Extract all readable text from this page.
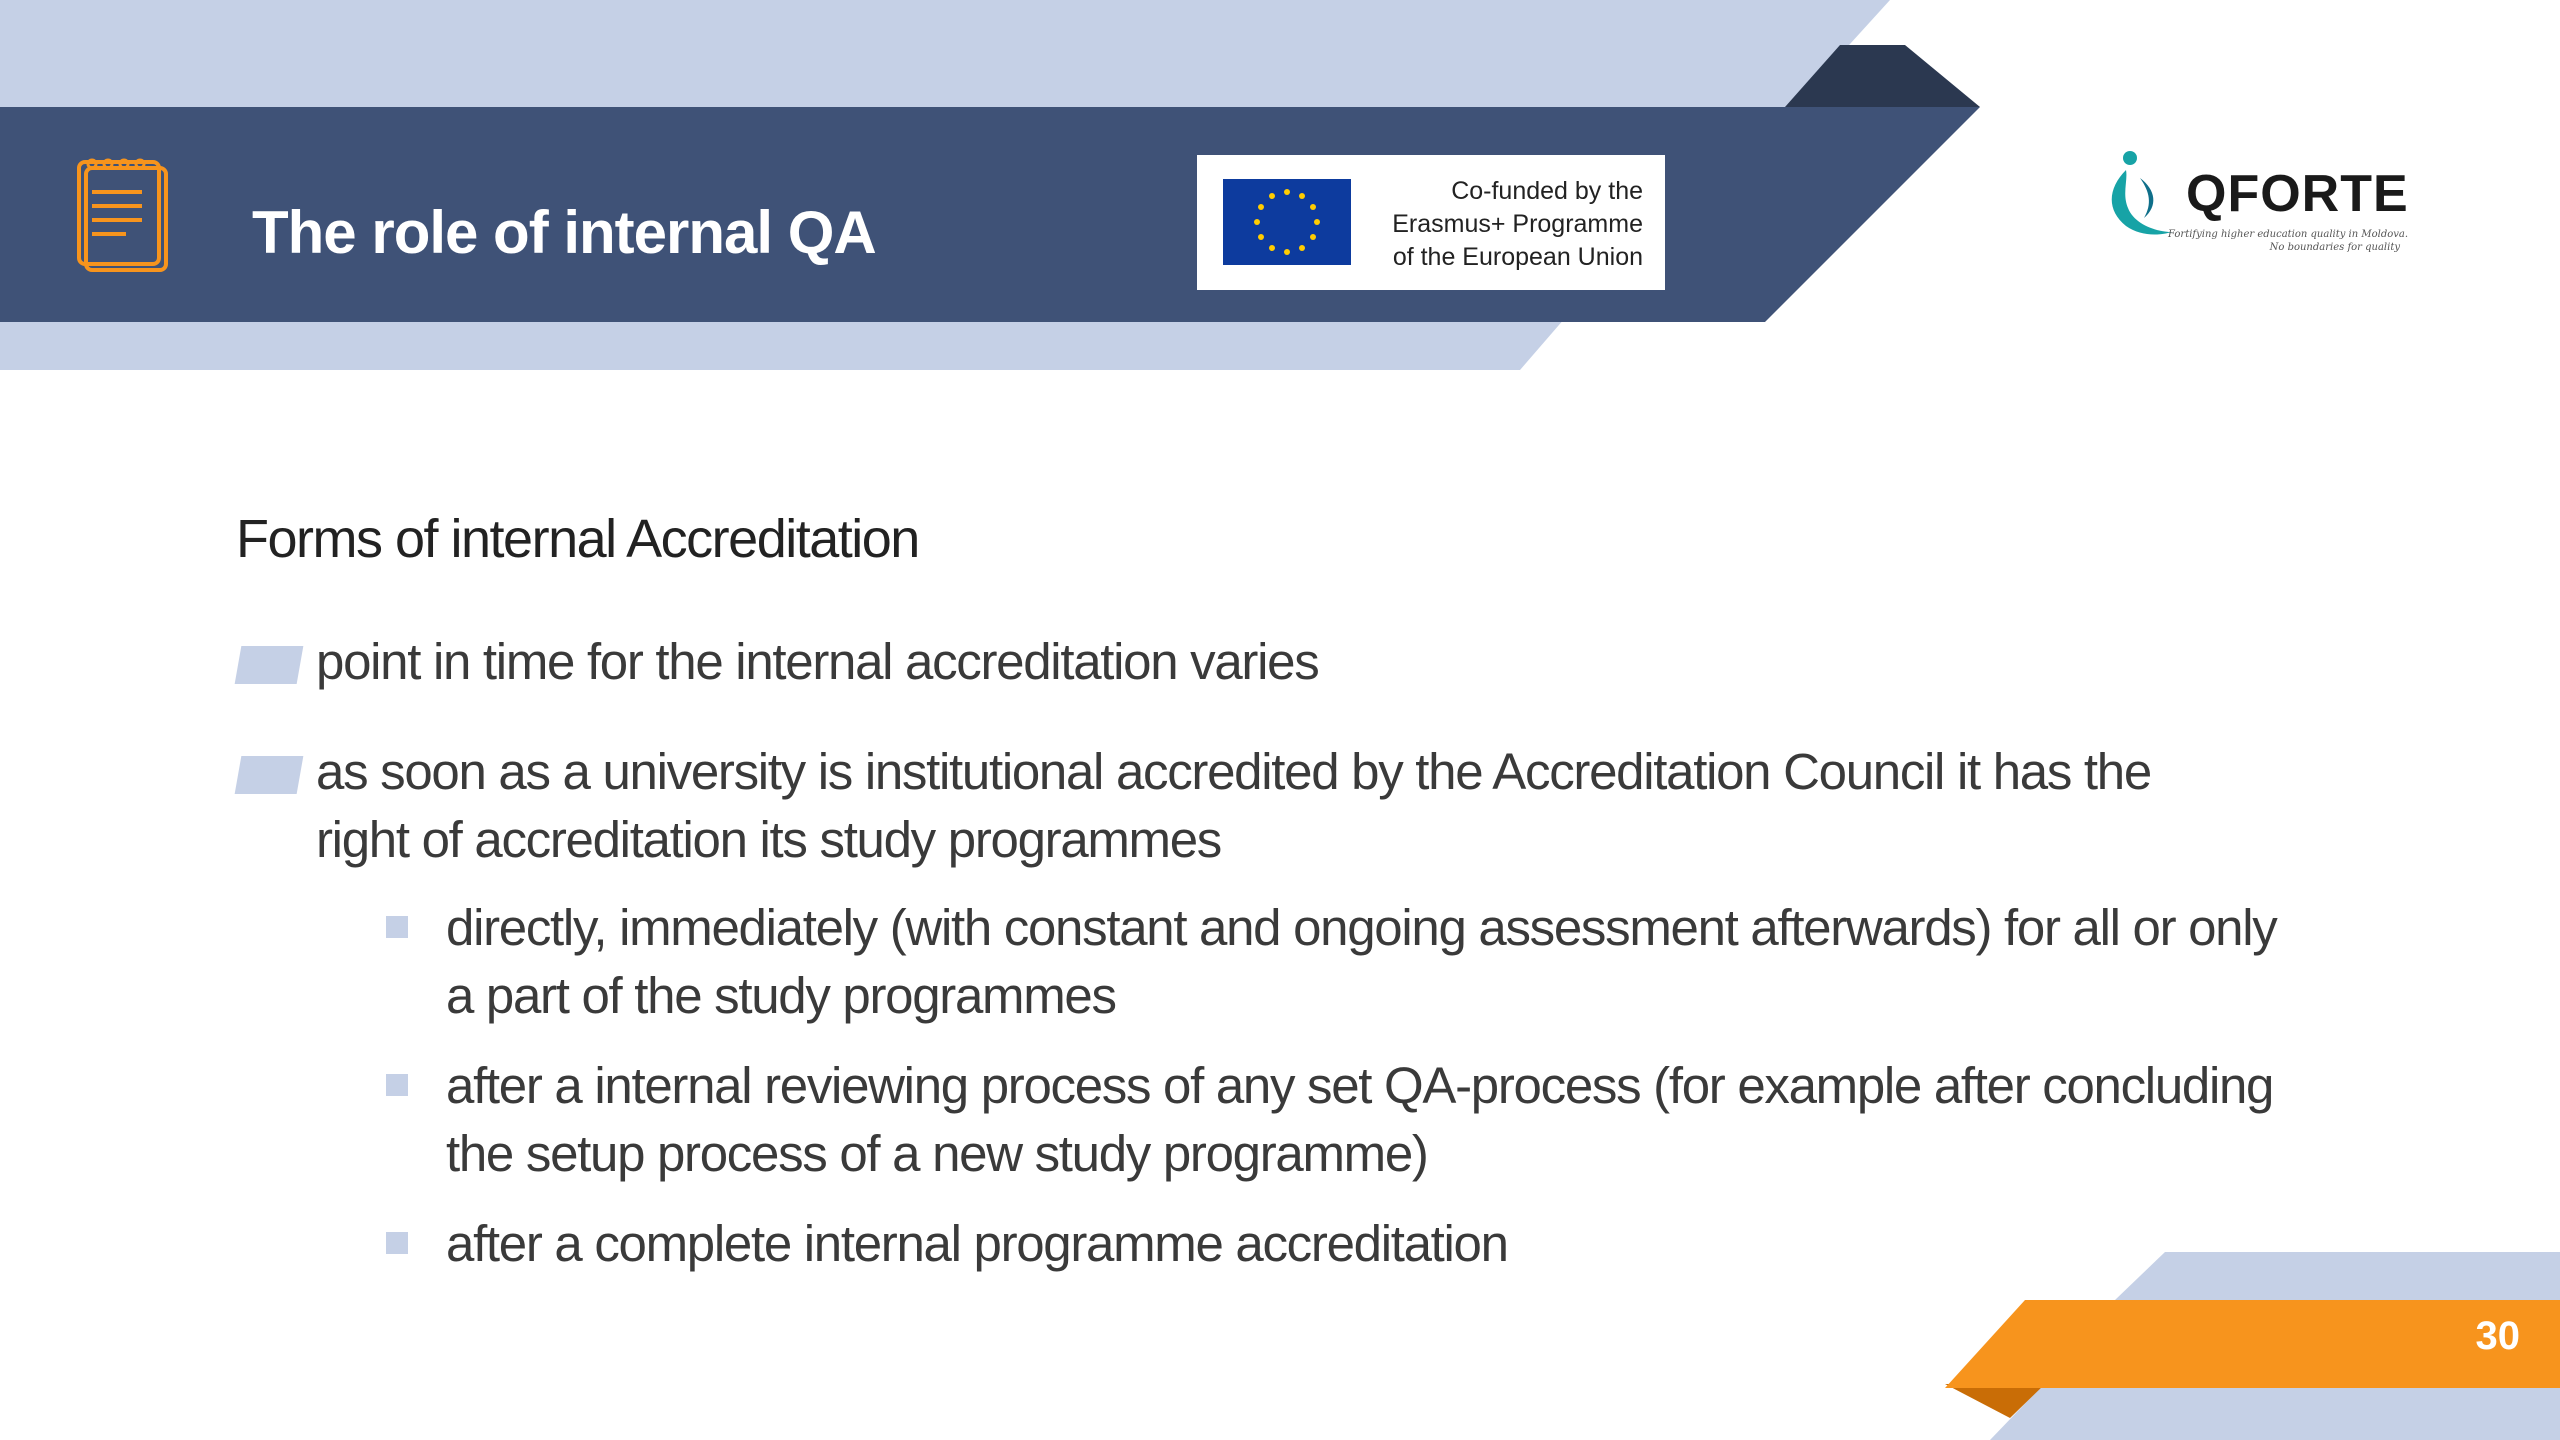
The role of internal QA
Co-funded by the
Erasmus+ Programme
of the European Union
QFORTE
Fortifying higher education quality in Moldova.
No boundaries for quality
Forms of internal Accreditation
point in time for the internal accreditation varies
as soon as a university is institutional accredited by the Accreditation Council it has the right of accreditation its study programmes
directly, immediately (with constant and ongoing assessment afterwards) for all or only a part of the study programmes
after a internal reviewing process of any set QA-process (for example after concluding the setup process of a new study programme)
after a complete internal programme accreditation
30
